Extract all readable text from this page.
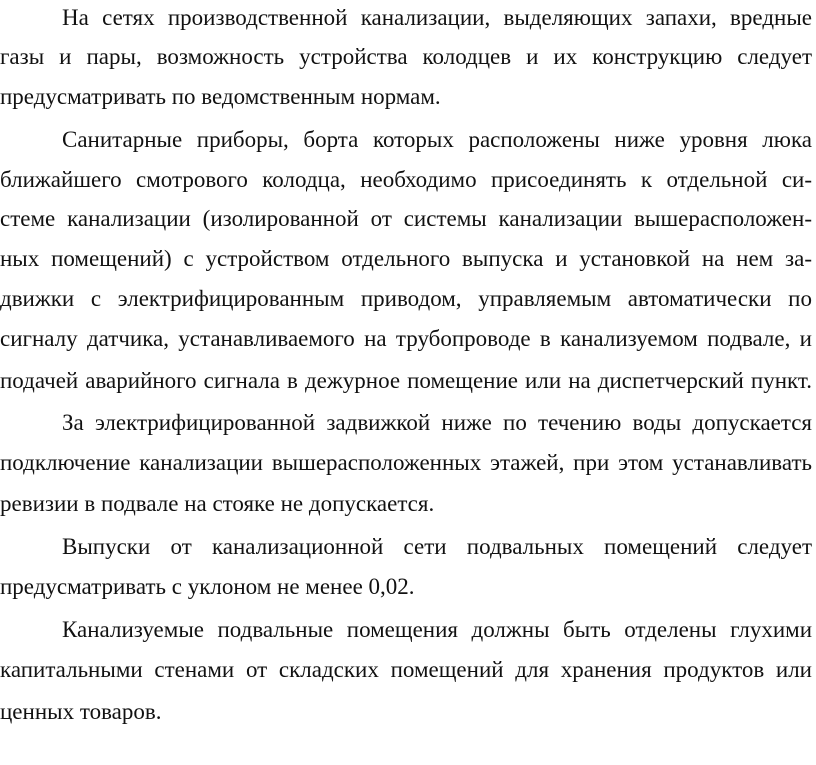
На сетях производственной канализации, выделяющих запахи, вредные
газы и пары, возможность устройства колодцев и их конструкцию следует
предусматривать по ведомственным нормам.
Санитарные приборы, борта которых расположены ниже уровня люка
ближайшего смотрового колодца, необходимо присоединять к отдельной си-
стеме канализации (изолированной от системы канализации вышерасположен-
ных помещений) с устройством отдельного выпуска и установкой на нем за-
движки с электрифицированным приводом, управляемым автоматически по
сигналу датчика, устанавливаемого на трубопроводе в канализуемом подвале, и
подачей аварийного сигнала в дежурное помещение или на диспетчерский пункт.
За электрифицированной задвижкой ниже по течению воды допускается
подключение канализации вышерасположенных этажей, при этом устанавливать
ревизии в подвале на стояке не допускается.
Выпуски от канализационной сети подвальных помещений следует
предусматривать с уклоном не менее 0,02.
Канализуемые подвальные помещения должны быть отделены глухими
капитальными стенами от складских помещений для хранения продуктов или
ценных товаров.
